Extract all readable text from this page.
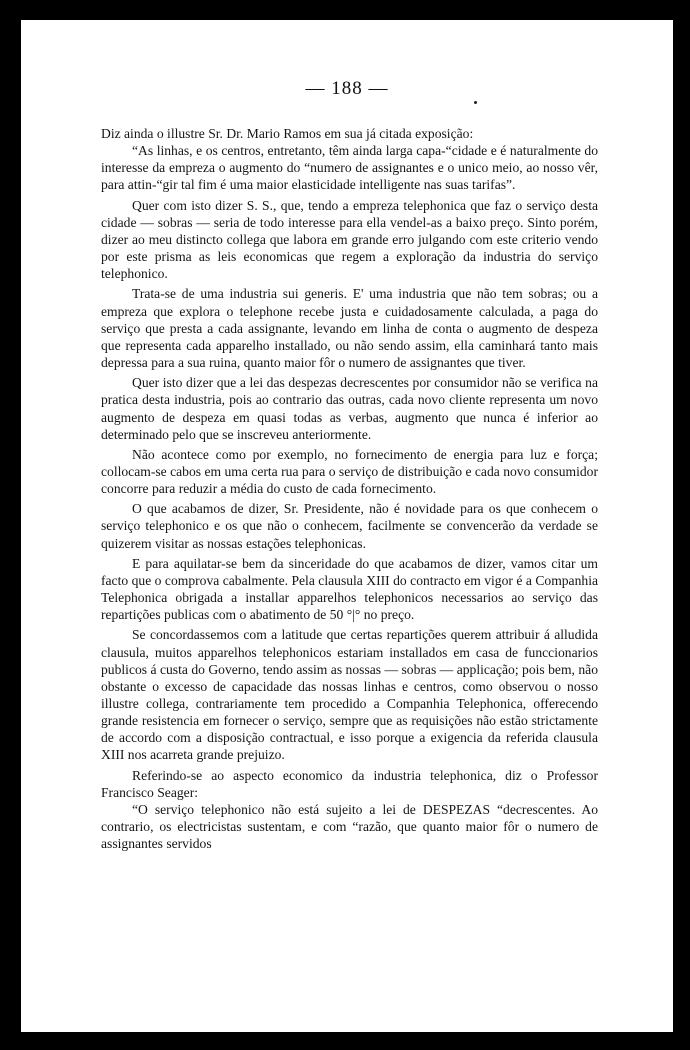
— 188 —

Diz ainda o illustre Sr. Dr. Mario Ramos em sua já citada exposição:

“As linhas, e os centros, entretanto, têm ainda larga capa-“cidade e é naturalmente do interesse da empreza o augmento do “numero de assignantes e o unico meio, ao nosso vêr, para attin-“gir tal fim é uma maior elasticidade intelligente nas suas tarifas”.

Quer com isto dizer S. S., que, tendo a empreza telephonica que faz o serviço desta cidade — sobras — seria de todo interesse para ella vendel-as a baixo preço. Sinto porém, dizer ao meu distincto collega que labora em grande erro julgando com este criterio vendo por este prisma as leis economicas que regem a exploração da industria do serviço telephonico.

Trata-se de uma industria sui generis. E' uma industria que não tem sobras; ou a empreza que explora o telephone recebe justa e cuidadosamente calculada, a paga do serviço que presta a cada assignante, levando em linha de conta o augmento de despeza que representa cada apparelho installado, ou não sendo assim, ella caminhará tanto mais depressa para a sua ruina, quanto maior fôr o numero de assignantes que tiver.

Quer isto dizer que a lei das despezas decrescentes por consumidor não se verifica na pratica desta industria, pois ao contrario das outras, cada novo cliente representa um novo augmento de despeza em quasi todas as verbas, augmento que nunca é inferior ao determinado pelo que se inscreveu anteriormente.

Não acontece como por exemplo, no fornecimento de energia para luz e força; collocam-se cabos em uma certa rua para o serviço de distribuição e cada novo consumidor concorre para reduzir a média do custo de cada fornecimento.

O que acabamos de dizer, Sr. Presidente, não é novidade para os que conhecem o serviço telephonico e os que não o conhecem, facilmente se convencerão da verdade se quizerem visitar as nossas estações telephonicas.

E para aquilatar-se bem da sinceridade do que acabamos de dizer, vamos citar um facto que o comprova cabalmente. Pela clausula XIII do contracto em vigor é a Companhia Telephonica obrigada a installar apparelhos telephonicos necessarios ao serviço das repartições publicas com o abatimento de 50 °|° no preço.

Se concordassemos com a latitude que certas repartições querem attribuir á alludida clausula, muitos apparelhos telephonicos estariam installados em casa de funccionarios publicos á custa do Governo, tendo assim as nossas — sobras — applicação; pois bem, não obstante o excesso de capacidade das nossas linhas e centros, como observou o nosso illustre collega, contrariamente tem procedido a Companhia Telephonica, offerecendo grande resistencia em fornecer o serviço, sempre que as requisições não estão strictamente de accordo com a disposição contractual, e isso porque a exigencia da referida clausula XIII nos acarreta grande prejuizo.

Referindo-se ao aspecto economico da industria telephonica, diz o Professor Francisco Seager:

“O serviço telephonico não está sujeito a lei de DESPEZAS “decrescentes. Ao contrario, os electricistas sustentam, e com “razão, que quanto maior fôr o numero de assignantes servidos
